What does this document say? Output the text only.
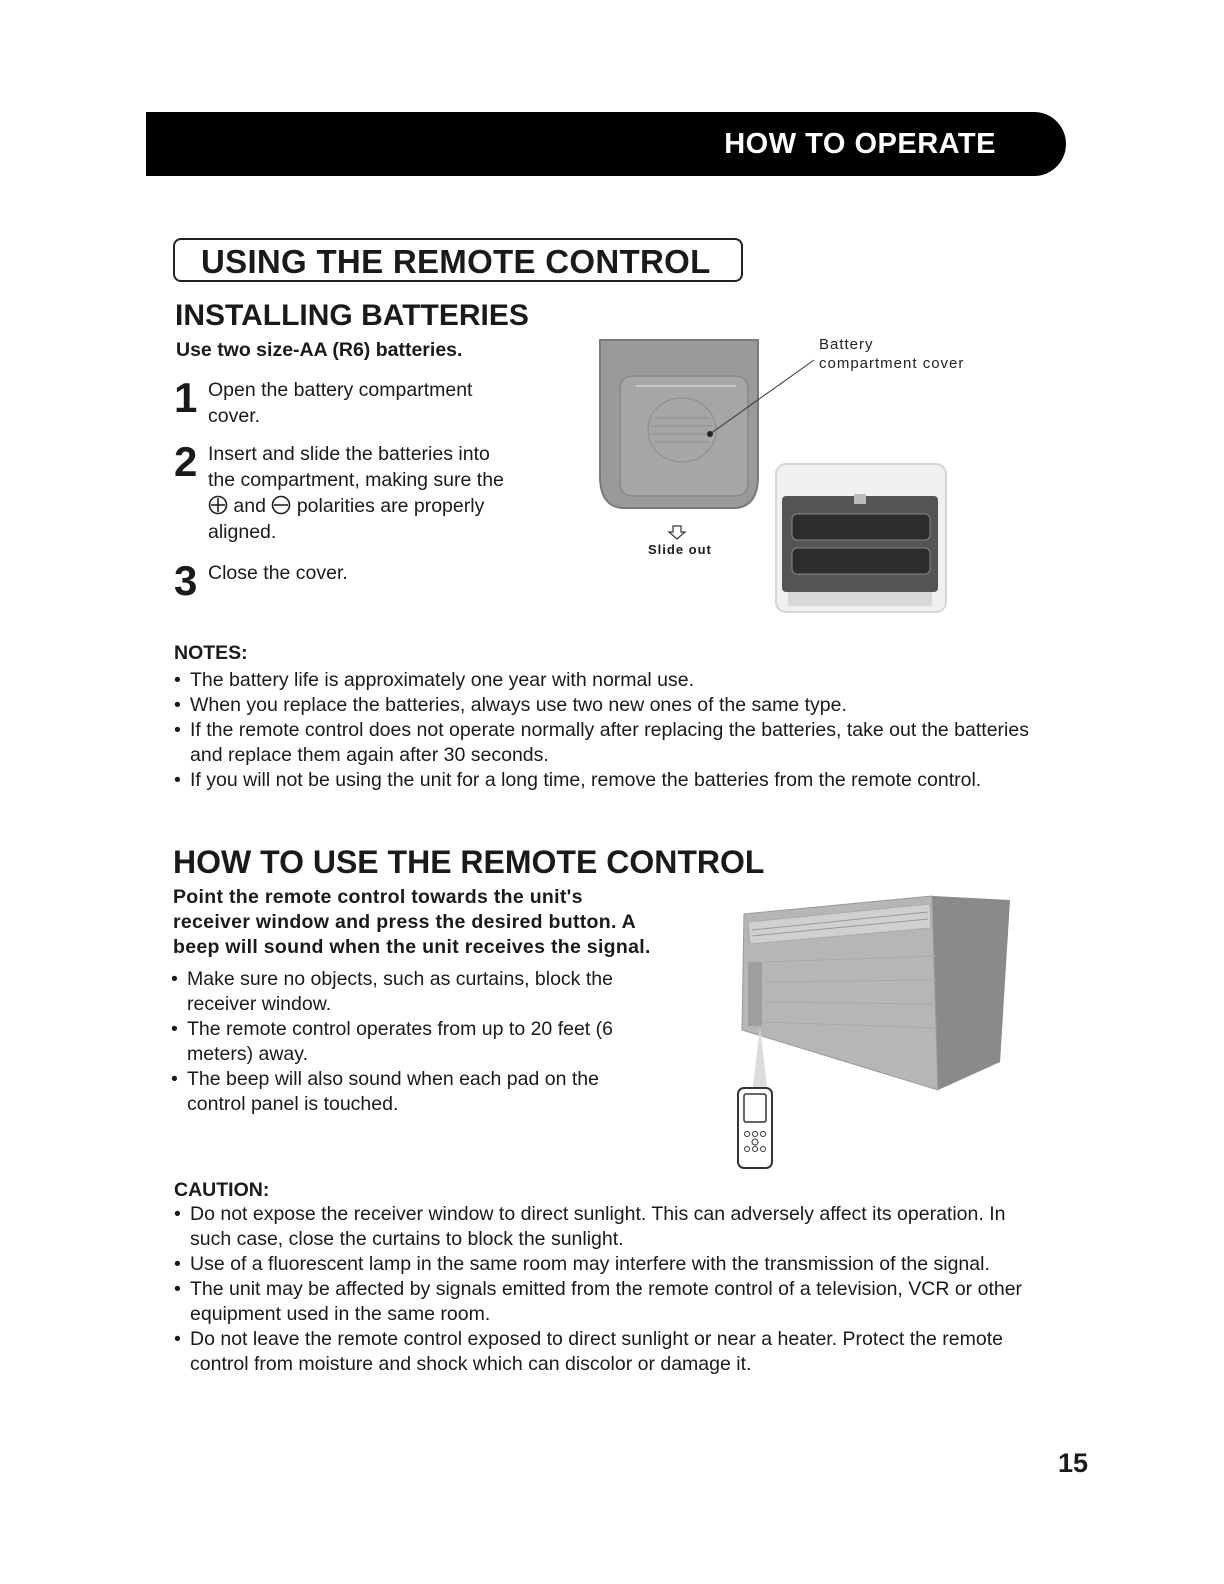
HOW TO OPERATE
USING THE REMOTE CONTROL
INSTALLING BATTERIES
Use two size-AA (R6) batteries.
1 Open the battery compartment cover.
2 Insert and slide the batteries into the compartment, making sure the  and polarities are properly aligned.
3 Close the cover.
Battery compartment cover
Slide out
NOTES:
• The battery life is approximately one year with normal use.
• When you replace the batteries, always use two new ones of the same type.
• If the remote control does not operate normally after replacing the batteries, take out the batteries and replace them again after 30 seconds.
• If you will not be using the unit for a long time, remove the batteries from the remote control.
HOW TO USE THE REMOTE CONTROL
Point the remote control towards the unit's receiver window and press the desired button. A beep will sound when the unit receives the signal.
• Make sure no objects, such as curtains, block the receiver window.
• The remote control operates from up to 20 feet (6 meters) away.
• The beep will also sound when each pad on the control panel is touched.
CAUTION:
• Do not expose the receiver window to direct sunlight. This can adversely affect its operation. In such case, close the curtains to block the sunlight.
• Use of a fluorescent lamp in the same room may interfere with the transmission of the signal.
• The unit may be affected by signals emitted from the remote control of a television, VCR or other equipment used in the same room.
• Do not leave the remote control exposed to direct sunlight or near a heater. Protect the remote control from moisture and shock which can discolor or damage it.
15
